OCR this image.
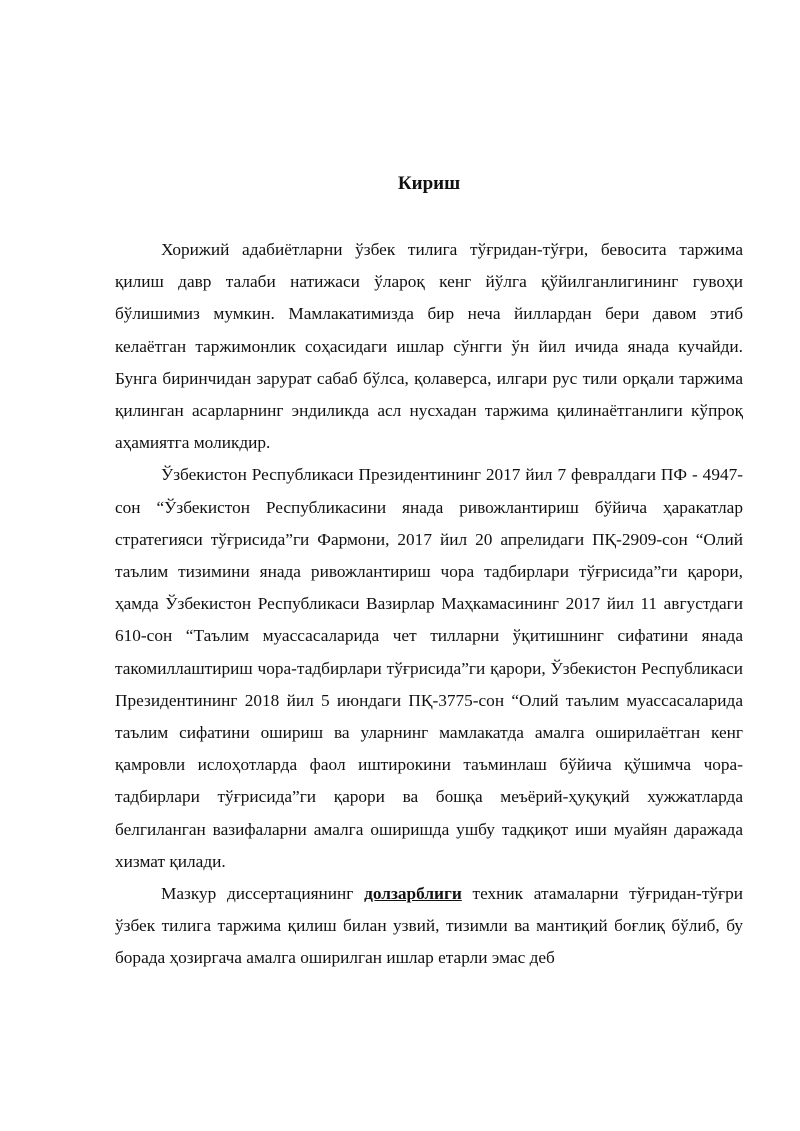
Кириш

Хорижий адабиётларни ўзбек тилига тўғридан-тўғри, бевосита таржима қилиш давр талаби натижаси ўлароқ кенг йўлга қўйилганлигининг гувоҳи бўлишимиз мумкин. Мамлакатимизда бир неча йиллардан бери давом этиб келаётган таржимонлик соҳасидаги ишлар сўнгги ўн йил ичида янада кучайди. Бунга биринчидан зарурат сабаб бўлса, қолаверса, илгари рус тили орқали таржима қилинган асарларнинг эндиликда асл нусхадан таржима қилинаётганлиги кўпроқ аҳамиятга моликдир.

Ўзбекистон Республикаси Президентининг 2017 йил 7 февралдаги ПФ - 4947-сон “Ўзбекистон Республикасини янада ривожлантириш бўйича ҳаракатлар стратегияси тўғрисида”ги Фармони, 2017 йил 20 апрелидаги ПҚ-2909-сон “Олий таълим тизимини янада ривожлантириш чора тадбирлари тўғрисида”ги қарори, ҳамда Ўзбекистон Республикаси Вазирлар Маҳкамасининг 2017 йил 11 августдаги 610-сон “Таълим муассасаларида чет тилларни ўқитишнинг сифатини янада такомиллаштириш чора-тадбирлари тўғрисида”ги қарори, Ўзбекистон Республикаси Президентининг 2018 йил 5 июндаги ПҚ-3775-сон “Олий таълим муассасаларида таълим сифатини ошириш ва уларнинг мамлакатда амалга оширилаётган кенг қамровли ислоҳотларда фаол иштирокини таъминлаш бўйича қўшимча чора-тадбирлари тўғрисида”ги қарори ва бошқа меъёрий-ҳуқуқий хужжатларда белгиланган вазифаларни амалга оширишда ушбу тадқиқот иши муайян даражада хизмат қилади.

Мазкур диссертациянинг долзарблиги техник атамаларни тўғридан-тўғри ўзбек тилига таржима қилиш билан узвий, тизимли ва мантиқий боғлиқ бўлиб, бу борада ҳозиргача амалга оширилган ишлар етарли эмас деб
